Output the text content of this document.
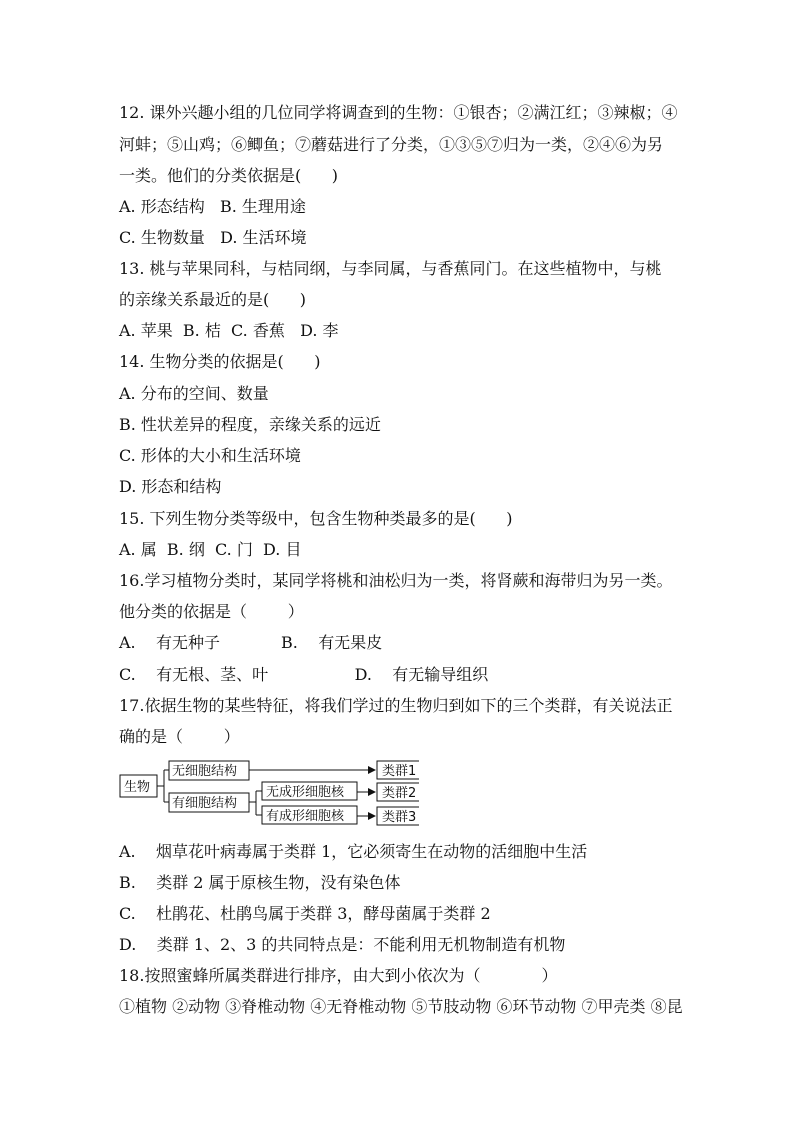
12. 课外兴趣小组的几位同学将调查到的生物：①银杏；②满江红；③辣椒；④
河蚌；⑤山鸡；⑥鲫鱼；⑦蘑菇进行了分类，①③⑤⑦归为一类，②④⑥为另
一类。他们的分类依据是(      )
A. 形态结构   B. 生理用途
C. 生物数量   D. 生活环境
13. 桃与苹果同科，与桔同纲，与李同属，与香蕉同门。在这些植物中，与桃
的亲缘关系最近的是(      )
A. 苹果  B. 桔  C. 香蕉   D. 李
14. 生物分类的依据是(      )
A. 分布的空间、数量
B. 性状差异的程度，亲缘关系的远近
C. 形体的大小和生活环境
D. 形态和结构
15. 下列生物分类等级中，包含生物种类最多的是(      )
A. 属  B. 纲  C. 门  D. 目
16.学习植物分类时，某同学将桃和油松归为一类，将肾蕨和海带归为另一类。
他分类的依据是（        ）
A.    有无种子            B.    有无果皮
C.    有无根、茎、叶                 D.    有无输导组织
17.依据生物的某些特征，将我们学过的生物归到如下的三个类群，有关说法正
确的是（        ）
生物
无细胞结构
有细胞结构
无成形细胞核
有成形细胞核
类群1
类群2
类群3
A.    烟草花叶病毒属于类群 1，它必须寄生在动物的活细胞中生活
B.    类群 2 属于原核生物，没有染色体
C.    杜鹃花、杜鹃鸟属于类群 3，酵母菌属于类群 2
D.    类群 1、2、3 的共同特点是：不能利用无机物制造有机物
18.按照蜜蜂所属类群进行排序，由大到小依次为（            ）
①植物 ②动物 ③脊椎动物 ④无脊椎动物 ⑤节肢动物 ⑥环节动物 ⑦甲壳类 ⑧昆
